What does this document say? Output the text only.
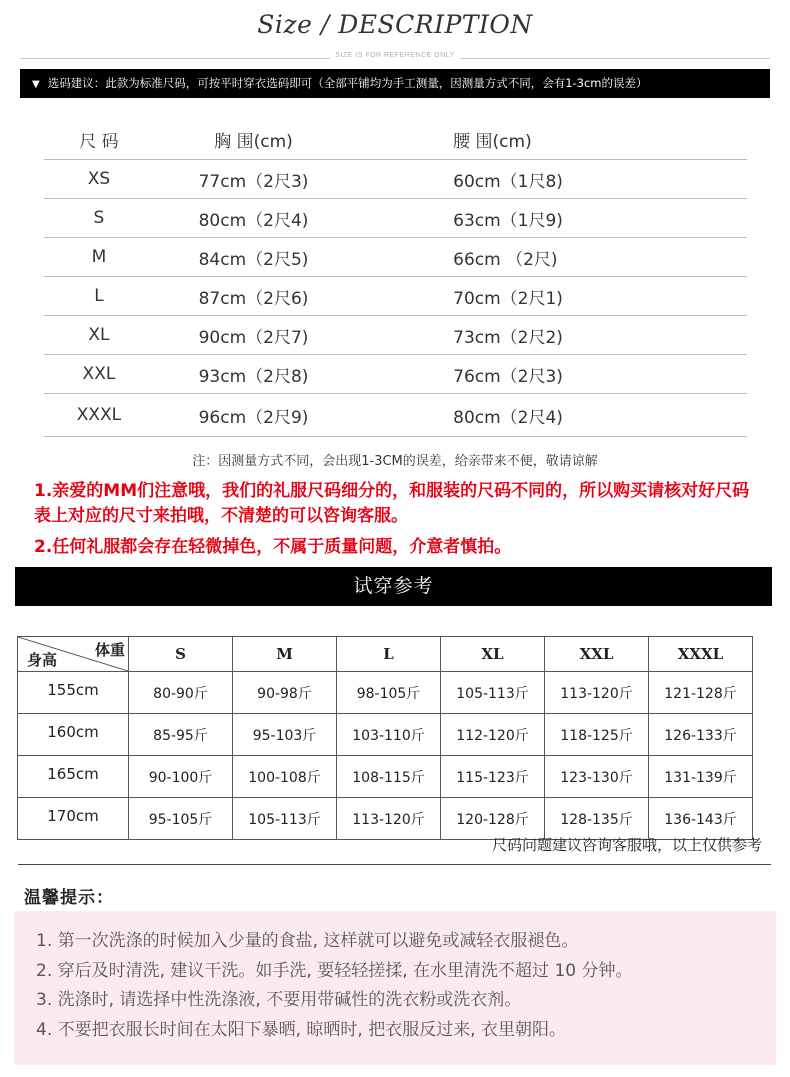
Size / DESCRIPTION
SIZE IS FOR REFERENCE ONLY
▼ 选码建议：此款为标准尺码，可按平时穿衣选码即可（全部平铺均为手工测量，因测量方式不同，会有1-3cm的误差）
尺 码	胸 围(cm)	腰 围(cm)
XS	77cm（2尺3)	60cm（1尺8)
S	80cm（2尺4)	63cm（1尺9)
M	84cm（2尺5)	66cm （2尺)
L	87cm（2尺6)	70cm（2尺1)
XL	90cm（2尺7)	73cm（2尺2)
XXL	93cm（2尺8)	76cm（2尺3)
XXXL	96cm（2尺9)	80cm（2尺4)
注：因测量方式不同，会出现1-3CM的误差，给亲带来不便，敬请谅解
1.亲爱的MM们注意哦，我们的礼服尺码细分的，和服装的尺码不同的，所以购买请核对好尺码表上对应的尺寸来拍哦，不清楚的可以咨询客服。
2.任何礼服都会存在轻微掉色，不属于质量问题，介意者慎拍。
试穿参考
体重
身高	S	M	L	XL	XXL	XXXL
155cm	80-90斤	90-98斤	98-105斤	105-113斤	113-120斤	121-128斤
160cm	85-95斤	95-103斤	103-110斤	112-120斤	118-125斤	126-133斤
165cm	90-100斤	100-108斤	108-115斤	115-123斤	123-130斤	131-139斤
170cm	95-105斤	105-113斤	113-120斤	120-128斤	128-135斤	136-143斤
尺码问题建议咨询客服哦，以上仅供参考
温馨提示：
1. 第一次洗涤的时候加入少量的食盐, 这样就可以避免或减轻衣服褪色。
2. 穿后及时清洗, 建议干洗。如手洗, 要轻轻搓揉, 在水里清洗不超过 10 分钟。
3. 洗涤时, 请选择中性洗涤液, 不要用带碱性的洗衣粉或洗衣剂。
4. 不要把衣服长时间在太阳下暴晒, 晾晒时, 把衣服反过来, 衣里朝阳。
